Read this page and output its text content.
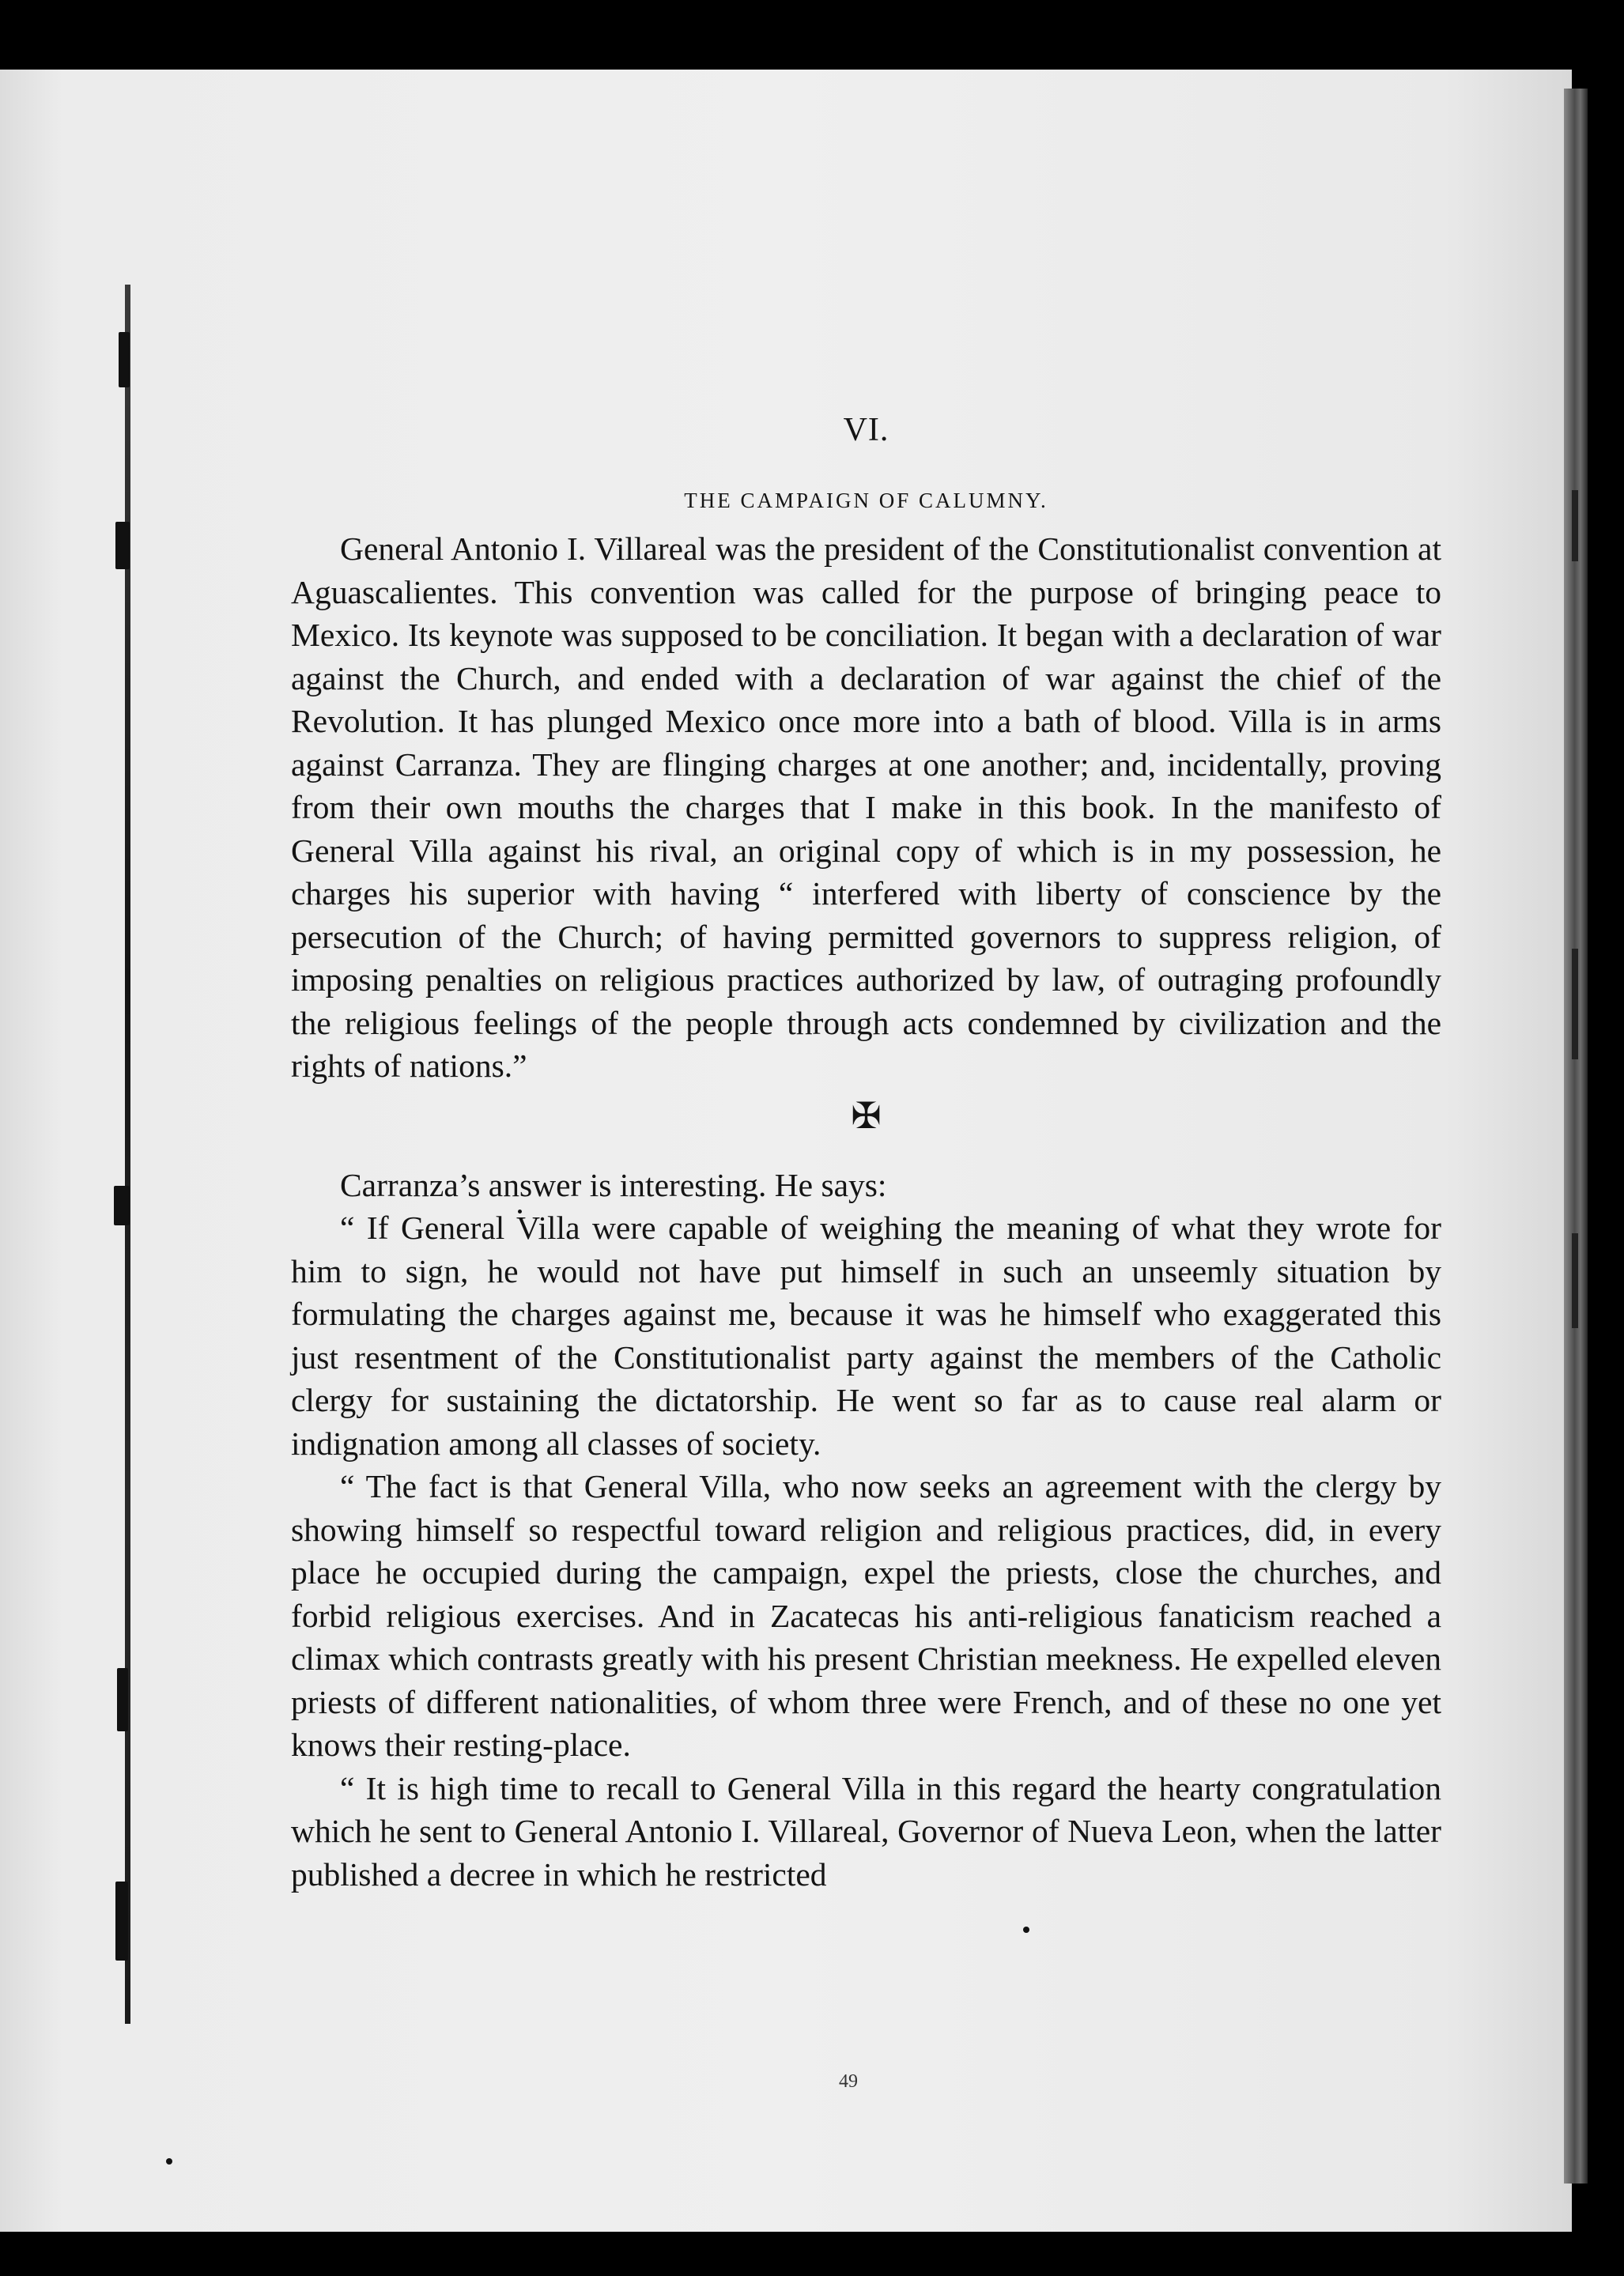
VI.
THE CAMPAIGN OF CALUMNY.

General Antonio I. Villareal was the president of the Constitutionalist convention at Aguascalientes. This convention was called for the purpose of bringing peace to Mexico. Its keynote was supposed to be conciliation. It began with a declaration of war against the Church, and ended with a declaration of war against the chief of the Revolution. It has plunged Mexico once more into a bath of blood. Villa is in arms against Carranza. They are flinging charges at one another; and, incidentally, proving from their own mouths the charges that I make in this book. In the manifesto of General Villa against his rival, an original copy of which is in my possession, he charges his superior with having “ interfered with liberty of conscience by the persecution of the Church; of having permitted governors to suppress religion, of imposing penalties on religious practices authorized by law, of outraging profoundly the religious feelings of the people through acts condemned by civilization and the rights of nations.”

✠

Carranza’s answer is interesting. He says:

“ If General Villa were capable of weighing the meaning of what they wrote for him to sign, he would not have put himself in such an unseemly situation by formulating the charges against me, because it was he himself who exaggerated this just resentment of the Constitutionalist party against the members of the Catholic clergy for sustaining the dictatorship. He went so far as to cause real alarm or indignation among all classes of society.

“ The fact is that General Villa, who now seeks an agreement with the clergy by showing himself so respectful toward religion and religious practices, did, in every place he occupied during the campaign, expel the priests, close the churches, and forbid religious exercises. And in Zacatecas his anti-religious fanaticism reached a climax which contrasts greatly with his present Christian meekness. He expelled eleven priests of different nationalities, of whom three were French, and of these no one yet knows their resting-place.

“ It is high time to recall to General Villa in this regard the hearty congratulation which he sent to General Antonio I. Villareal, Governor of Nueva Leon, when the latter published a decree in which he restricted

49
